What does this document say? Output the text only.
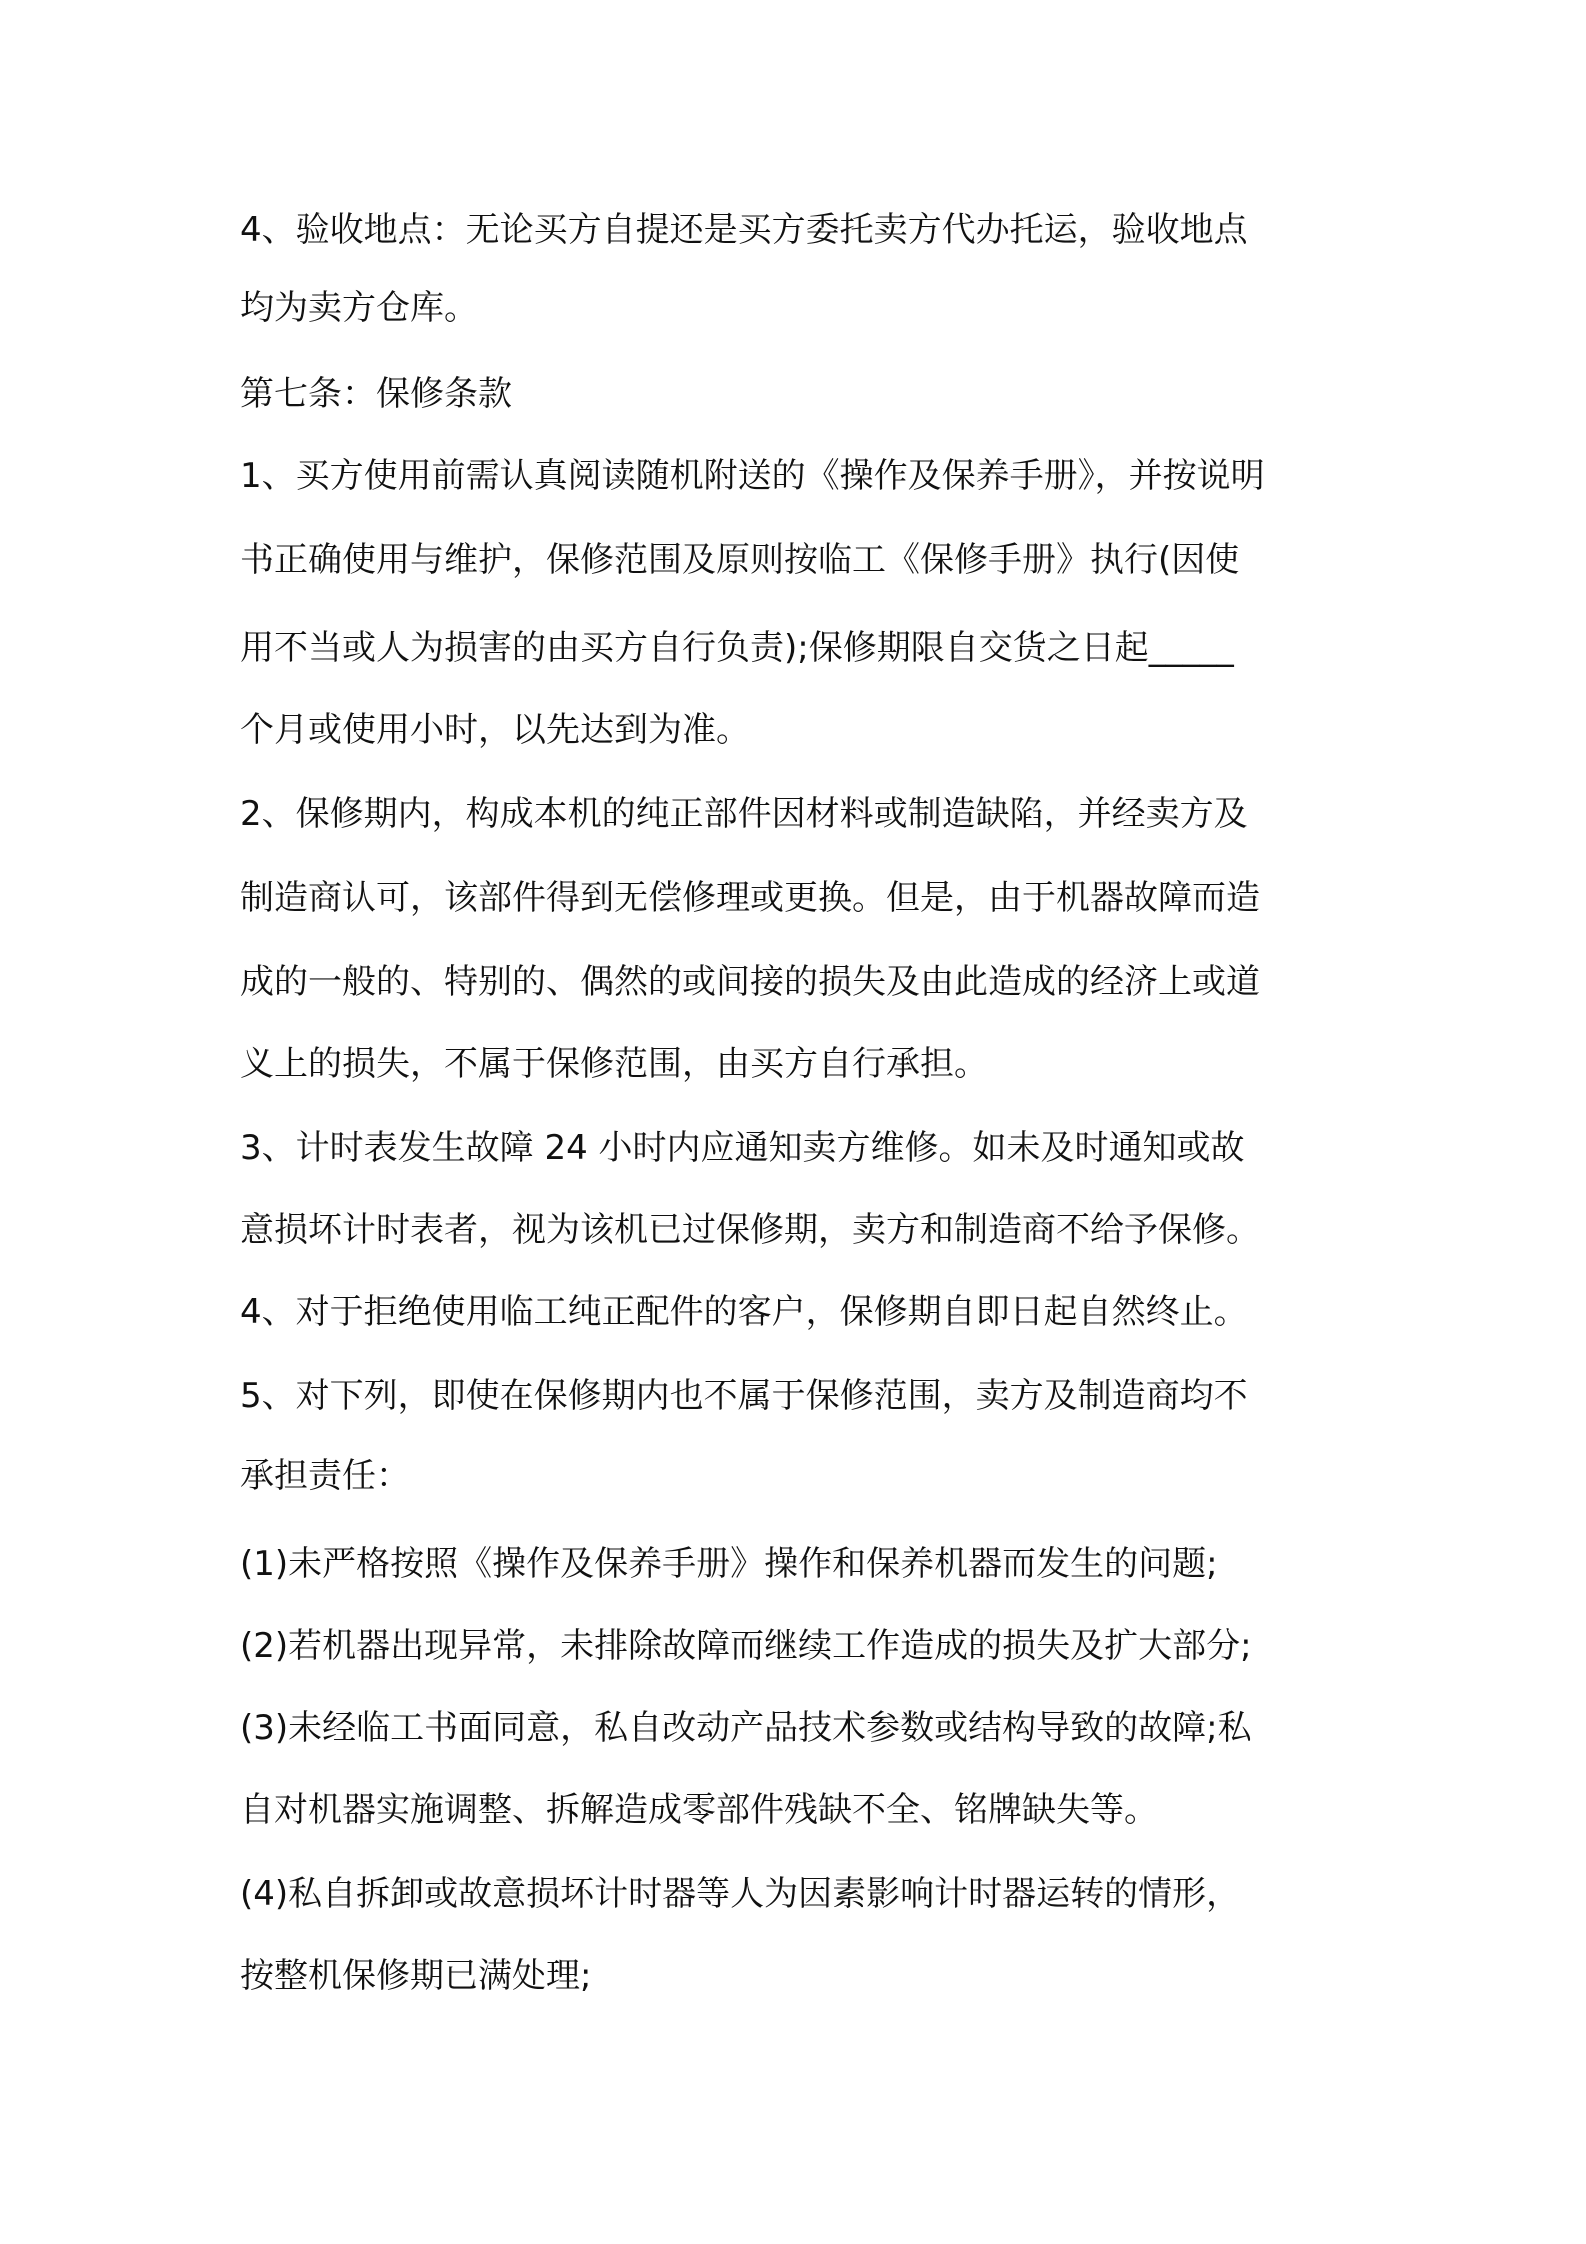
4、验收地点：无论买方自提还是买方委托卖方代办托运，验收地点
均为卖方仓库。
第七条：保修条款
1、买方使用前需认真阅读随机附送的《操作及保养手册》，并按说明
书正确使用与维护，保修范围及原则按临工《保修手册》执行(因使
用不当或人为损害的由买方自行负责);保修期限自交货之日起_____
个月或使用小时，以先达到为准。
2、保修期内，构成本机的纯正部件因材料或制造缺陷，并经卖方及
制造商认可，该部件得到无偿修理或更换。但是，由于机器故障而造
成的一般的、特别的、偶然的或间接的损失及由此造成的经济上或道
义上的损失，不属于保修范围，由买方自行承担。
3、计时表发生故障 24 小时内应通知卖方维修。如未及时通知或故
意损坏计时表者，视为该机已过保修期，卖方和制造商不给予保修。
4、对于拒绝使用临工纯正配件的客户，保修期自即日起自然终止。
5、对下列，即使在保修期内也不属于保修范围，卖方及制造商均不
承担责任：
(1)未严格按照《操作及保养手册》操作和保养机器而发生的问题;
(2)若机器出现异常，未排除故障而继续工作造成的损失及扩大部分;
(3)未经临工书面同意，私自改动产品技术参数或结构导致的故障;私
自对机器实施调整、拆解造成零部件残缺不全、铭牌缺失等。
(4)私自拆卸或故意损坏计时器等人为因素影响计时器运转的情形，
按整机保修期已满处理;
